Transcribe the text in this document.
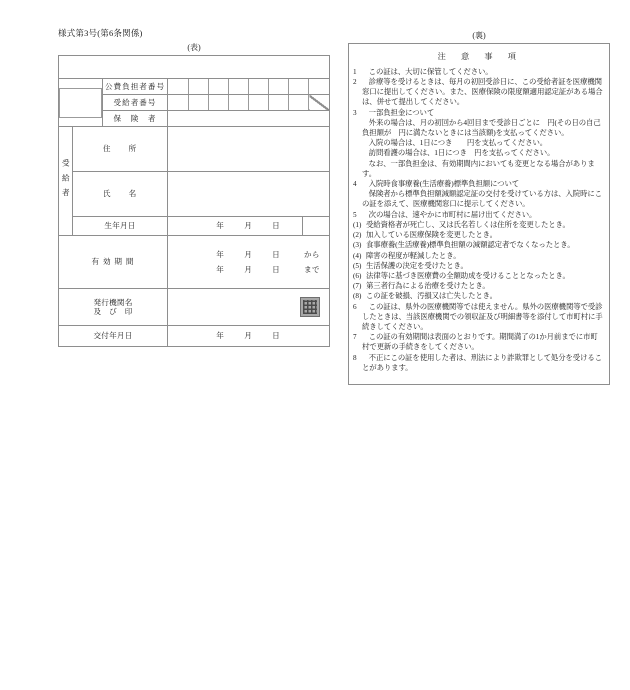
様式第3号(第6条関係)
(表)

		公費負担者番号	

		受給者番号	

		保　険　者	

受給者	住　　所		
	氏　　名		
	生年月日		年 月 日

有 効 期 間	
年	月	日	から
年	月	日	まで

発行機関名
及　び　印			

交付年月日			年 月 日
(裏)
注　意　事　項
1	この証は、大切に保管してください。
2	診療等を受けるときは、毎月の初回受診日に、この受給者証を医療機関窓口に提出してください。また、医療保険の限度額適用認定証がある場合は、併せて提出してください。
3	一部負担金について
外来の場合は、月の初回から4回目まで受診日ごとに　円(その日の自己負担額が　円に満たないときには当該額)を支払ってください。
入院の場合は、1日につき　　円を支払ってください。
訪問看護の場合は、1日につき　円を支払ってください。
なお、一部負担金は、有効期間内においても変更となる場合があります。
4	入院時食事療養(生活療養)標準負担額について
保険者から標準負担額減額認定証の交付を受けている方は、入院時にこの証を添えて、医療機関窓口に提示してください。
5	次の場合は、速やかに市町村に届け出てください。
(1) 受給資格者が死亡し、又は氏名若しくは住所を変更したとき。
(2) 加入している医療保険を変更したとき。
(3) 食事療養(生活療養)標準負担額の減額認定者でなくなったとき。
(4) 障害の程度が軽減したとき。
(5) 生活保護の決定を受けたとき。
(6) 法律等に基づき医療費の全額助成を受けることとなったとき。
(7) 第三者行為による治療を受けたとき。
(8) この証を破損、汚損又は亡失したとき。
6	この証は、県外の医療機関等では使えません。県外の医療機関等で受診したときは、当該医療機関での領収証及び明細書等を添付して市町村に手続きしてください。
7	この証の有効期間は表面のとおりです。期間満了の1か月前までに市町村で更新の手続きをしてください。
8	不正にこの証を使用した者は、刑法により詐欺罪として処分を受けることがあります。
